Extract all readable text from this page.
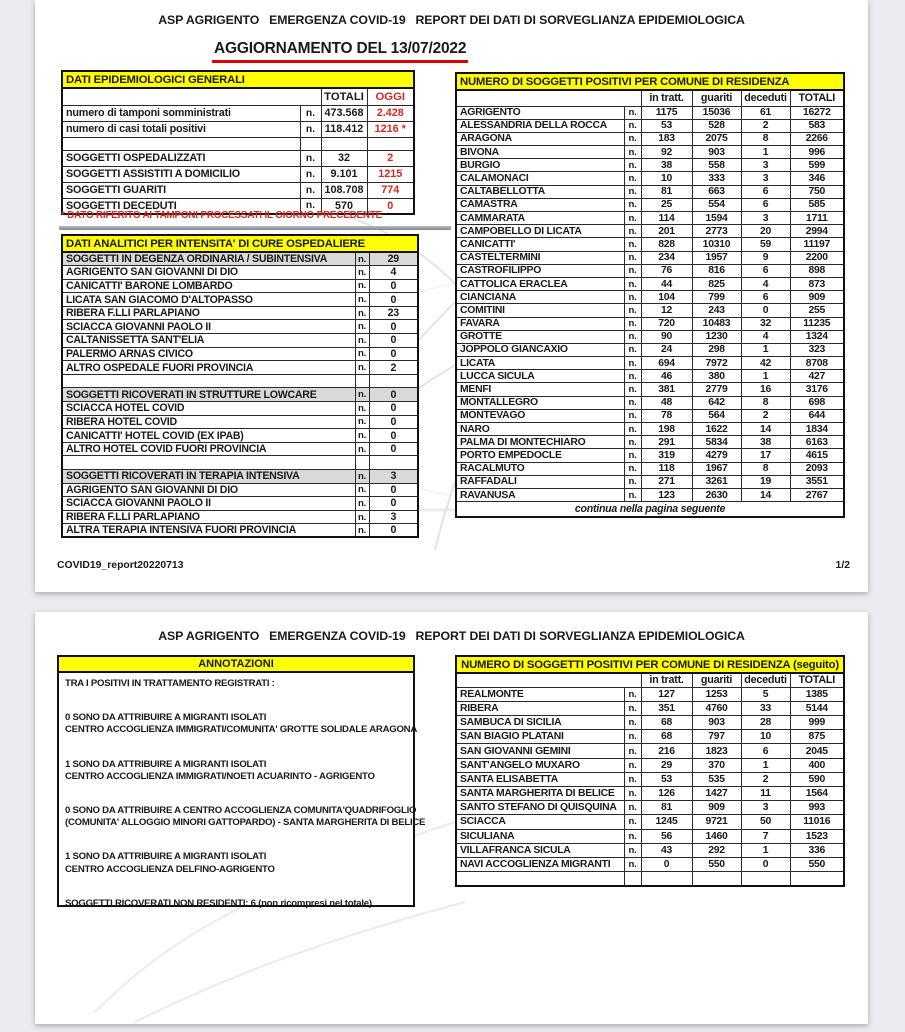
ASP AGRIGENTO   EMERGENZA COVID-19   REPORT DEI DATI DI SORVEGLIANZA EPIDEMIOLOGICA
AGGIORNAMENTO DEL 13/07/2022
DATI EPIDEMIOLOGICI GENERALI			
		TOTALI	OGGI
numero di tamponi somministrati	n.	473.568	2.428
numero di casi totali positivi	n.	118.412	1216 *

SOGGETTI OSPEDALIZZATI	n.	32	2
SOGGETTI ASSISTITI A DOMICILIO	n.	9.101	1215
SOGGETTI GUARITI	n.	108.708	774
SOGGETTI DECEDUTI	n.	570	0
* DATO RIFERITO AI TAMPONI PROCESSATI IL GIORNO PRECEDENTE
DATI ANALITICI PER INTENSITA' DI CURE OSPEDALIERE		
SOGGETTI IN DEGENZA ORDINARIA / SUBINTENSIVA	n.	29
AGRIGENTO SAN GIOVANNI DI DIO	n.	4
CANICATTI' BARONE LOMBARDO	n.	0
LICATA SAN GIACOMO D'ALTOPASSO	n.	0
RIBERA F.LLI PARLAPIANO	n.	23
SCIACCA GIOVANNI PAOLO II	n.	0
CALTANISSETTA SANT'ELIA	n.	0
PALERMO ARNAS CIVICO	n.	0
ALTRO OSPEDALE FUORI PROVINCIA	n.	2

SOGGETTI RICOVERATI IN STRUTTURE LOWCARE	n.	0
SCIACCA HOTEL COVID	n.	0
RIBERA HOTEL COVID	n.	0
CANICATTI' HOTEL COVID (EX IPAB)	n.	0
ALTRO HOTEL COVID FUORI PROVINCIA	n.	0

SOGGETTI RICOVERATI IN TERAPIA INTENSIVA	n.	3
AGRIGENTO SAN GIOVANNI DI DIO	n.	0
SCIACCA GIOVANNI PAOLO II	n.	0
RIBERA F.LLI PARLAPIANO	n.	3
ALTRA TERAPIA INTENSIVA FUORI PROVINCIA	n.	0
NUMERO DI SOGGETTI POSITIVI PER COMUNE DI RESIDENZA					
		in tratt.	guariti	deceduti	TOTALI
AGRIGENTO	n.	1175	15036	61	16272
ALESSANDRIA DELLA ROCCA	n.	53	528	2	583
ARAGONA	n.	183	2075	8	2266
BIVONA	n.	92	903	1	996
BURGIO	n.	38	558	3	599
CALAMONACI	n.	10	333	3	346
CALTABELLOTTA	n.	81	663	6	750
CAMASTRA	n.	25	554	6	585
CAMMARATA	n.	114	1594	3	1711
CAMPOBELLO DI LICATA	n.	201	2773	20	2994
CANICATTI'	n.	828	10310	59	11197
CASTELTERMINI	n.	234	1957	9	2200
CASTROFILIPPO	n.	76	816	6	898
CATTOLICA ERACLEA	n.	44	825	4	873
CIANCIANA	n.	104	799	6	909
COMITINI	n.	12	243	0	255
FAVARA	n.	720	10483	32	11235
GROTTE	n.	90	1230	4	1324
JOPPOLO GIANCAXIO	n.	24	298	1	323
LICATA	n.	694	7972	42	8708
LUCCA SICULA	n.	46	380	1	427
MENFI	n.	381	2779	16	3176
MONTALLEGRO	n.	48	642	8	698
MONTEVAGO	n.	78	564	2	644
NARO	n.	198	1622	14	1834
PALMA DI MONTECHIARO	n.	291	5834	38	6163
PORTO EMPEDOCLE	n.	319	4279	17	4615
RACALMUTO	n.	118	1967	8	2093
RAFFADALI	n.	271	3261	19	3551
RAVANUSA	n.	123	2630	14	2767
continua nella pagina seguente					
COVID19_report20220713	1/2
ASP AGRIGENTO   EMERGENZA COVID-19   REPORT DEI DATI DI SORVEGLIANZA EPIDEMIOLOGICA
ANNOTAZIONI
TRA I POSITIVI IN TRATTAMENTO REGISTRATI :
0 SONO DA ATTRIBUIRE A MIGRANTI ISOLATI
CENTRO ACCOGLIENZA IMMIGRATI/COMUNITA' GROTTE SOLIDALE ARAGONA
1 SONO DA ATTRIBUIRE A MIGRANTI ISOLATI
CENTRO ACCOGLIENZA IMMIGRATI/NOETI ACUARINTO - AGRIGENTO
0 SONO DA ATTRIBUIRE A CENTRO ACCOGLIENZA COMUNITA'QUADRIFOGLIO
(COMUNITA' ALLOGGIO MINORI GATTOPARDO) - SANTA MARGHERITA DI BELICE
1 SONO DA ATTRIBUIRE A MIGRANTI ISOLATI
CENTRO ACCOGLIENZA DELFINO-AGRIGENTO
SOGGETTI RICOVERATI NON RESIDENTI: 6 (non ricompresi nel totale)
NUMERO DI SOGGETTI POSITIVI PER COMUNE DI RESIDENZA (seguito)					
		in tratt.	guariti	deceduti	TOTALI
REALMONTE	n.	127	1253	5	1385
RIBERA	n.	351	4760	33	5144
SAMBUCA DI SICILIA	n.	68	903	28	999
SAN BIAGIO PLATANI	n.	68	797	10	875
SAN GIOVANNI GEMINI	n.	216	1823	6	2045
SANT'ANGELO MUXARO	n.	29	370	1	400
SANTA ELISABETTA	n.	53	535	2	590
SANTA MARGHERITA DI BELICE	n.	126	1427	11	1564
SANTO STEFANO DI QUISQUINA	n.	81	909	3	993
SCIACCA	n.	1245	9721	50	11016
SICULIANA	n.	56	1460	7	1523
VILLAFRANCA SICULA	n.	43	292	1	336
NAVI ACCOGLIENZA MIGRANTI	n.	0	550	0	550
